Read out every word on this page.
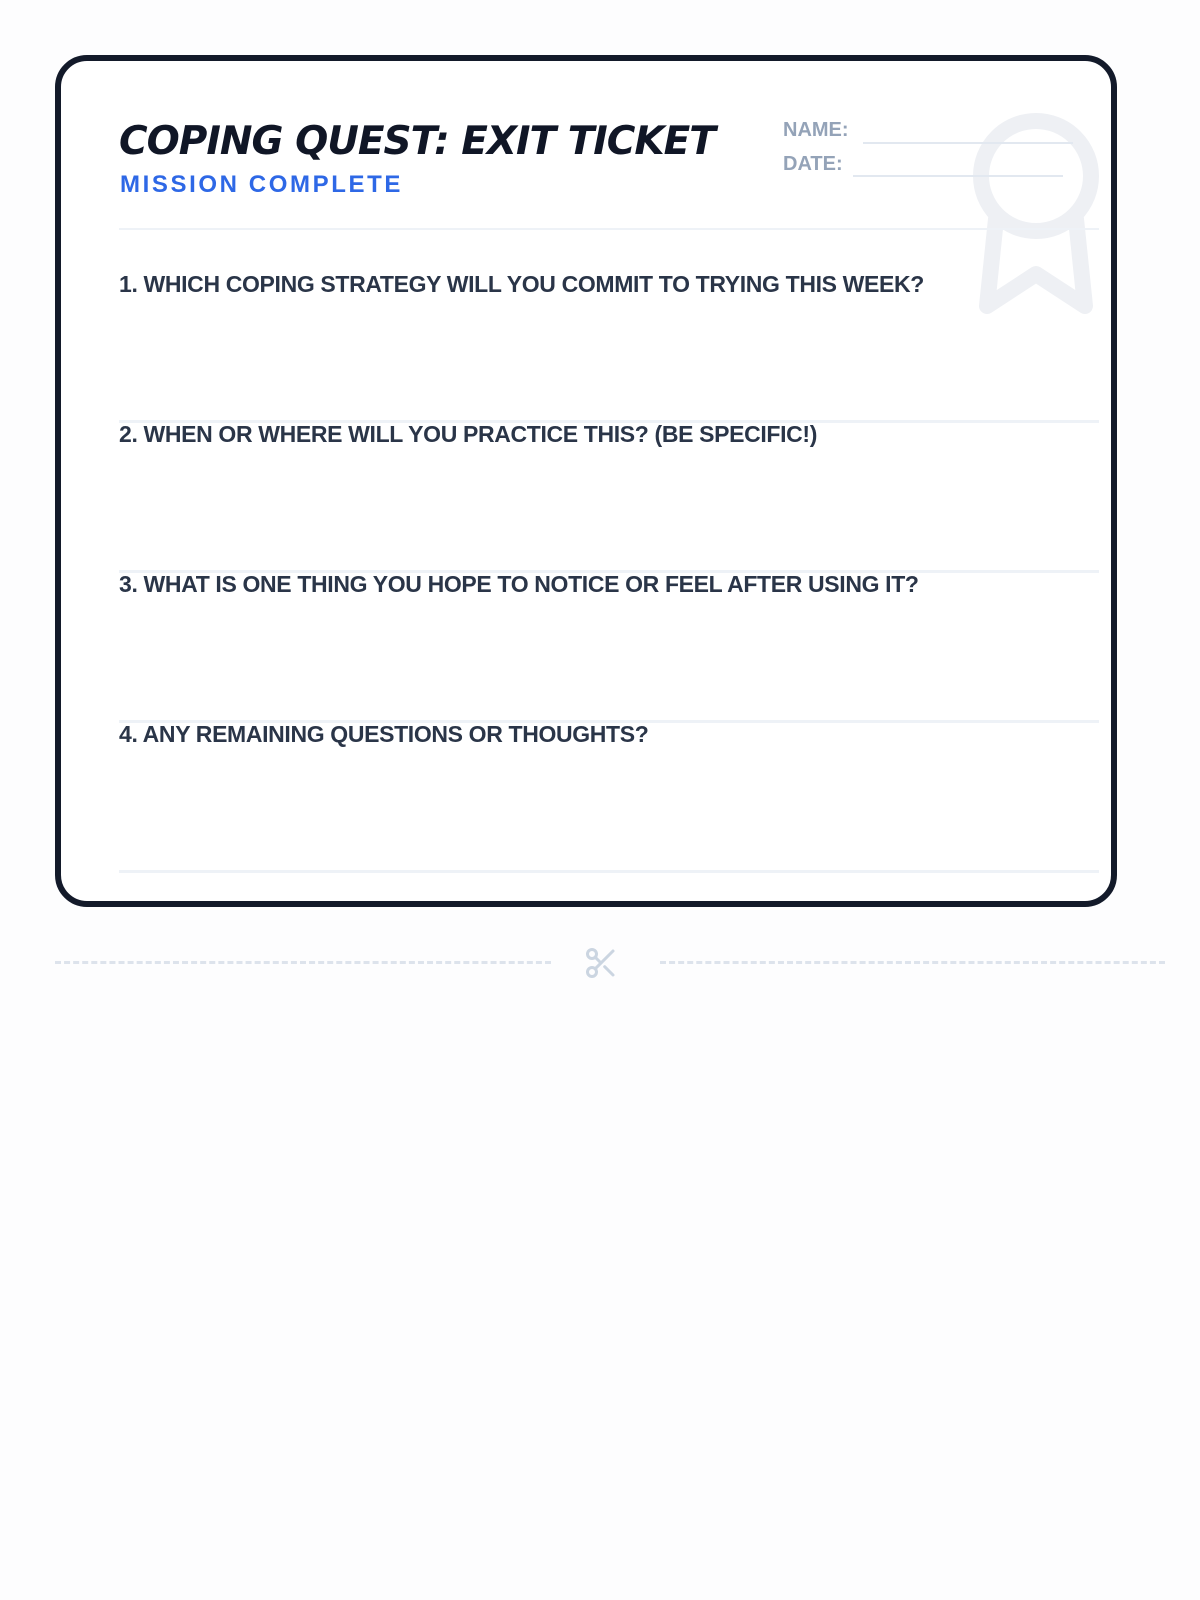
COPING QUEST: EXIT TICKET
MISSION COMPLETE
NAME:
DATE:
1. WHICH COPING STRATEGY WILL YOU COMMIT TO TRYING THIS WEEK?
2. WHEN OR WHERE WILL YOU PRACTICE THIS? (BE SPECIFIC!)
3. WHAT IS ONE THING YOU HOPE TO NOTICE OR FEEL AFTER USING IT?
4. ANY REMAINING QUESTIONS OR THOUGHTS?
